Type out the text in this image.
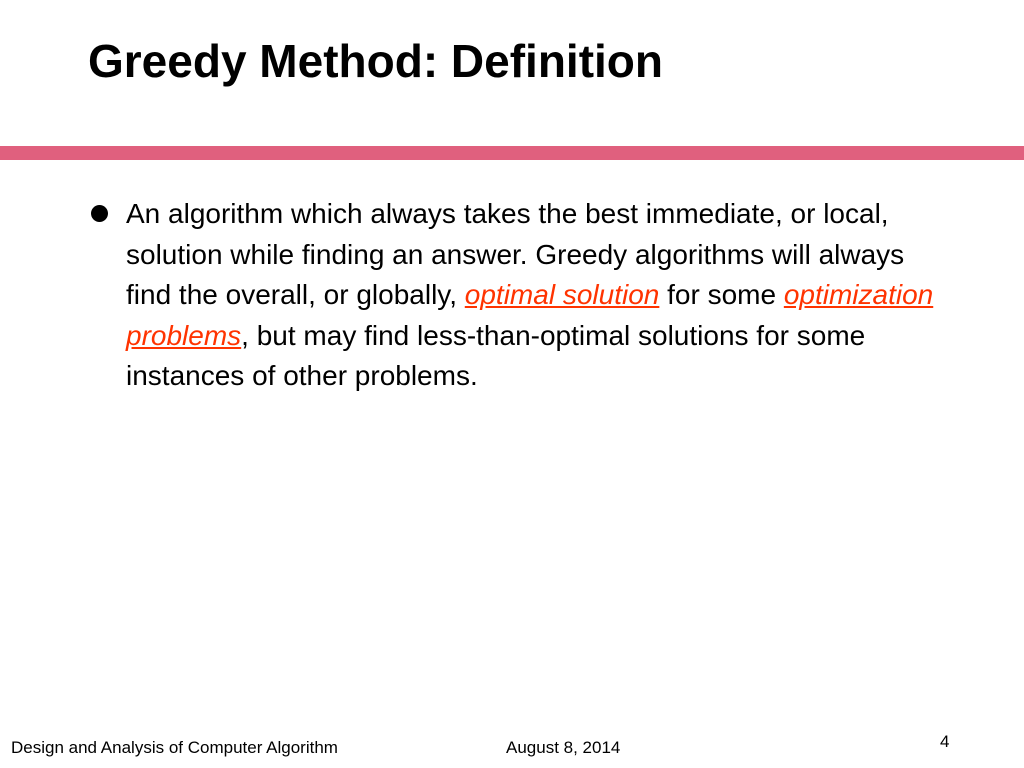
Greedy Method: Definition
An algorithm which always takes the best immediate, or local, solution while finding an answer. Greedy algorithms will always find the overall, or globally, optimal solution for some optimization problems, but may find less-than-optimal solutions for some instances of other problems.
Design and Analysis of Computer Algorithm	August 8, 2014	4
